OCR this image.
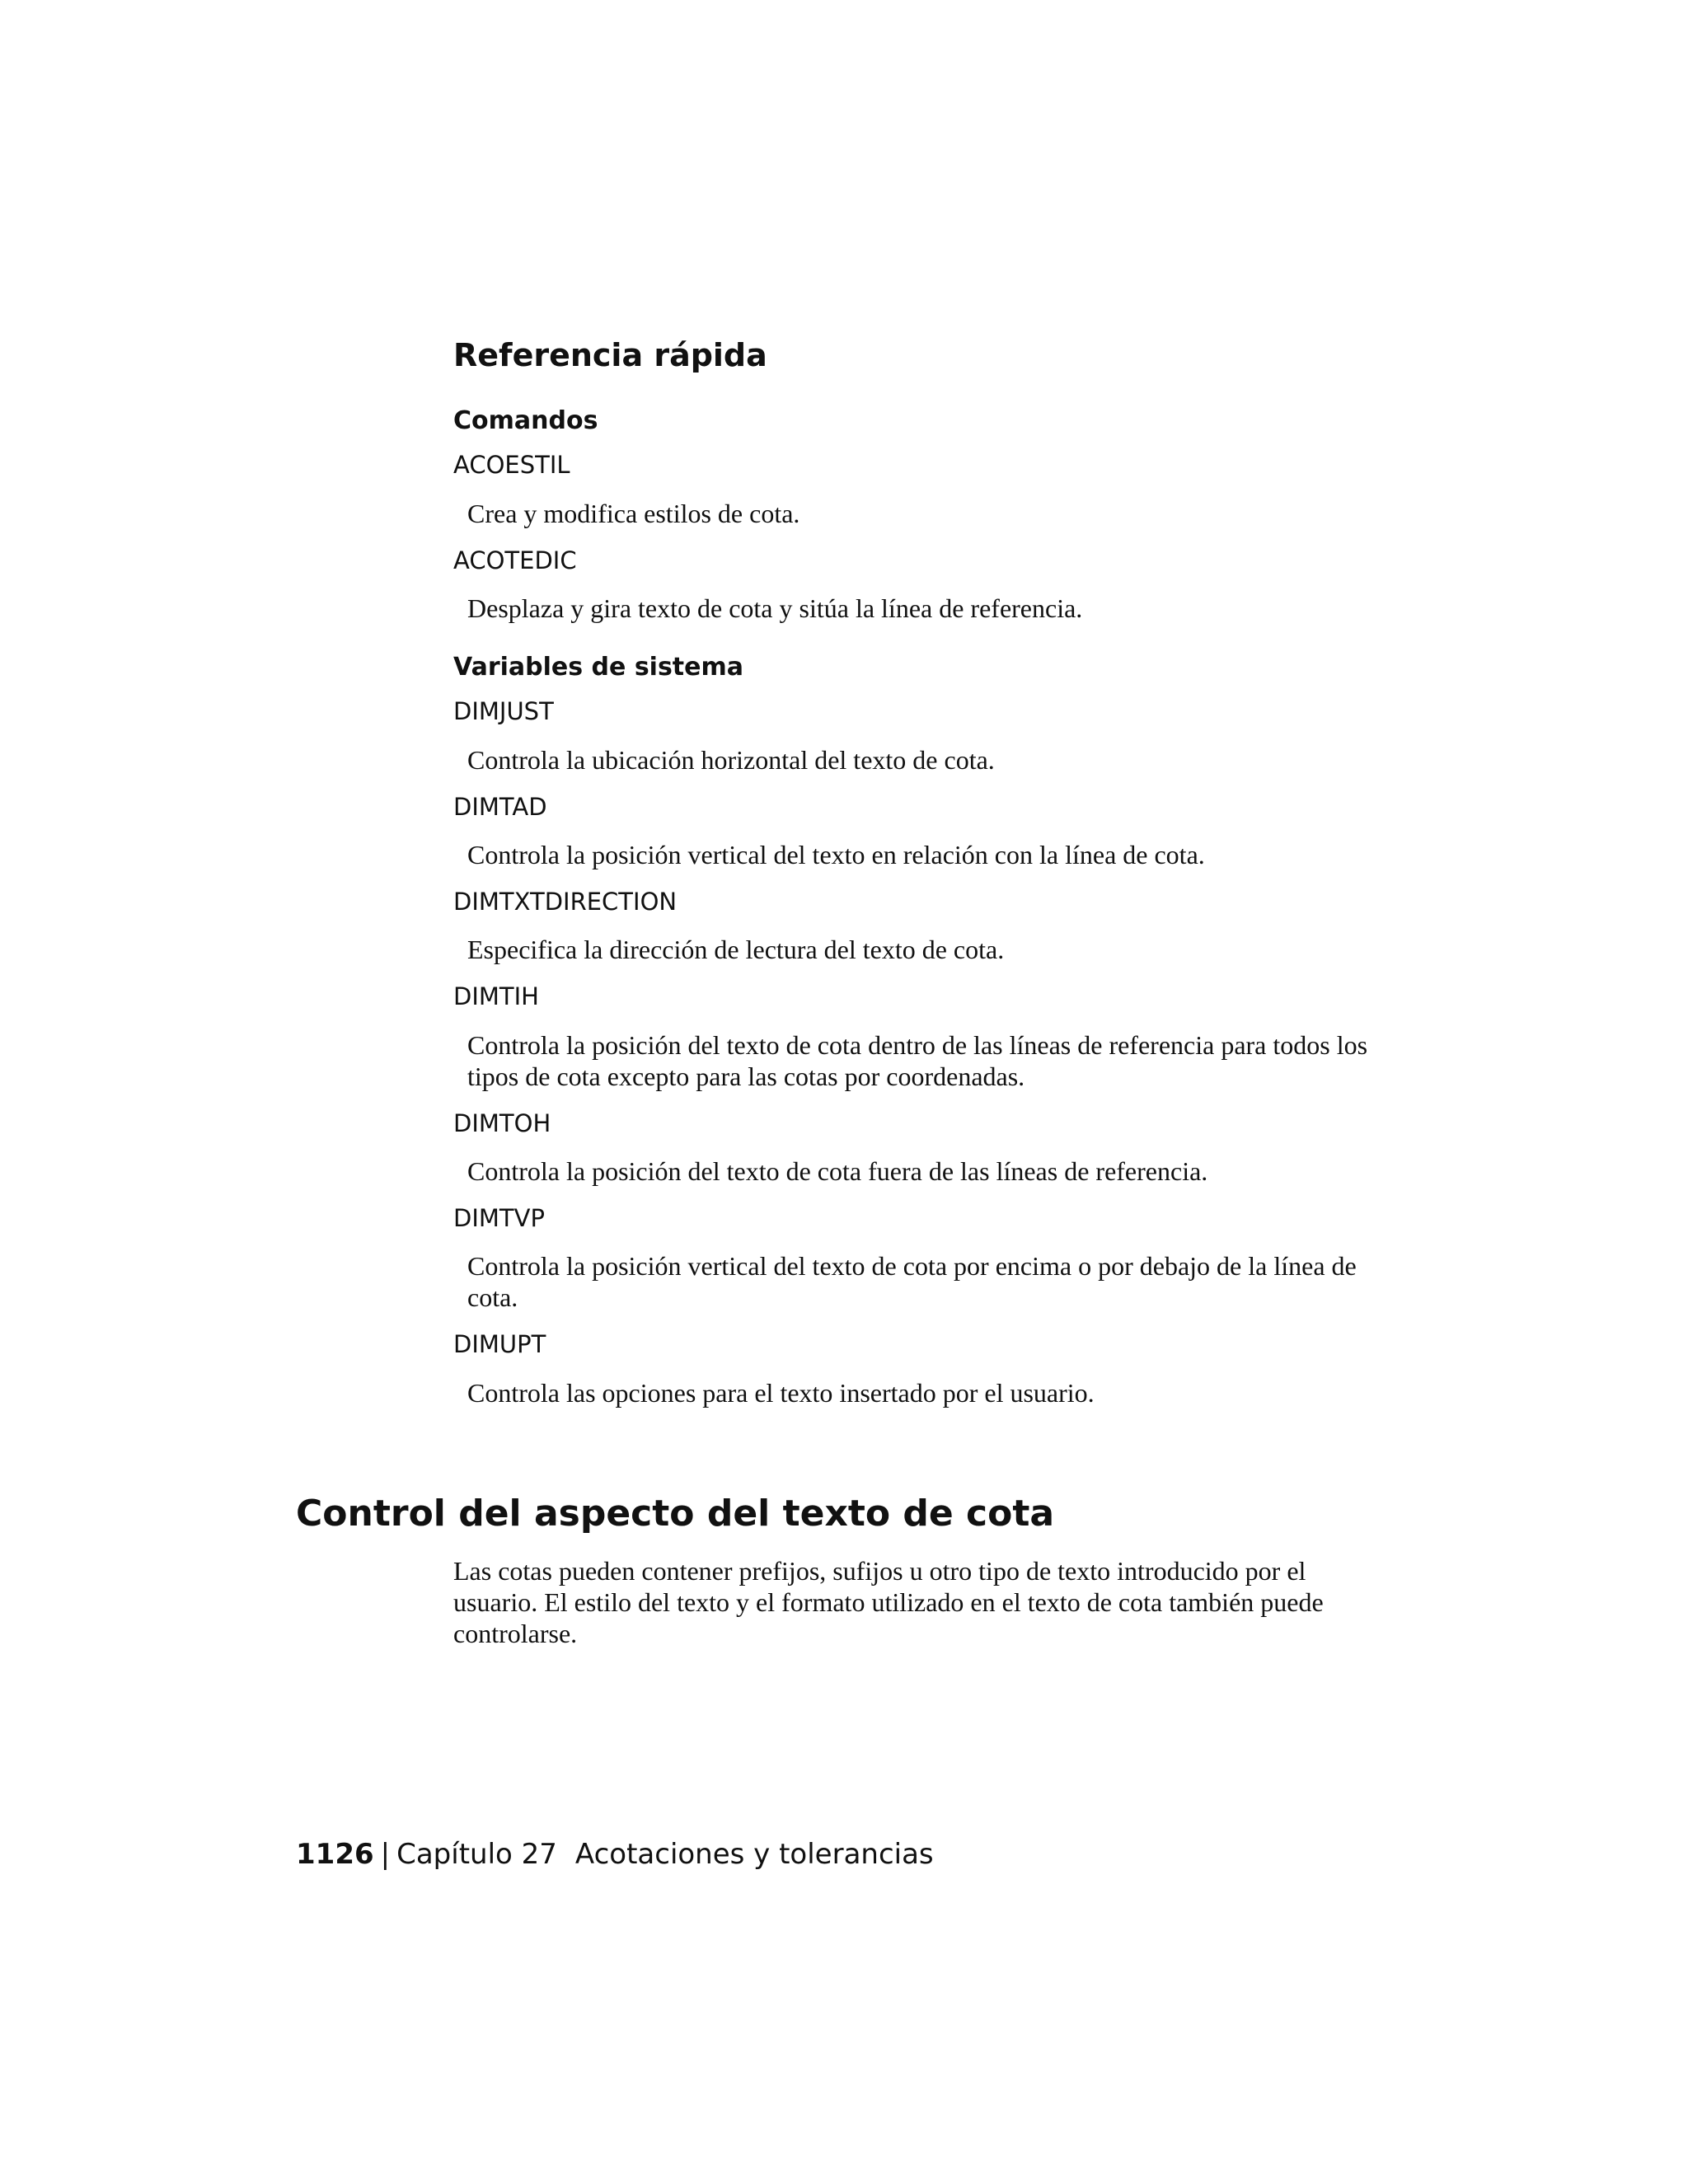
Referencia rápida
Comandos
ACOESTIL
Crea y modifica estilos de cota.
ACOTEDIC
Desplaza y gira texto de cota y sitúa la línea de referencia.
Variables de sistema
DIMJUST
Controla la ubicación horizontal del texto de cota.
DIMTAD
Controla la posición vertical del texto en relación con la línea de cota.
DIMTXTDIRECTION
Especifica la dirección de lectura del texto de cota.
DIMTIH
Controla la posición del texto de cota dentro de las líneas de referencia para todos los tipos de cota excepto para las cotas por coordenadas.
DIMTOH
Controla la posición del texto de cota fuera de las líneas de referencia.
DIMTVP
Controla la posición vertical del texto de cota por encima o por debajo de la línea de cota.
DIMUPT
Controla las opciones para el texto insertado por el usuario.
Control del aspecto del texto de cota

Las cotas pueden contener prefijos, sufijos u otro tipo de texto introducido por el usuario. El estilo del texto y el formato utilizado en el texto de cota también puede controlarse.

1126 | Capítulo 27 Acotaciones y tolerancias
